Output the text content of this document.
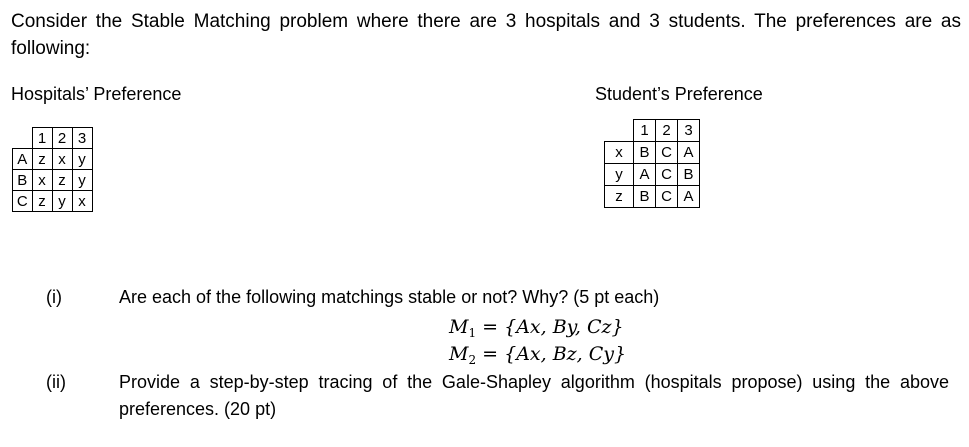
Consider the Stable Matching problem where there are 3 hospitals and 3 students. The preferences are as following:
Hospitals’ Preference	Student’s Preference
	1	2	3
A	z	x	y
B	x	z	y
C	z	y	x
	1	2	3
x	B	C	A
y	A	C	B
z	B	C	A
(i)	Are each of the following matchings stable or not? Why? (5 pt each)
$M_1 = \{Ax$, By, Cz}
$M_2 = \{Ax$, Bz, Cy}
(ii)	Provide a step-by-step tracing of the Gale-Shapley algorithm (hospitals propose) using the above preferences. (20 pt)
